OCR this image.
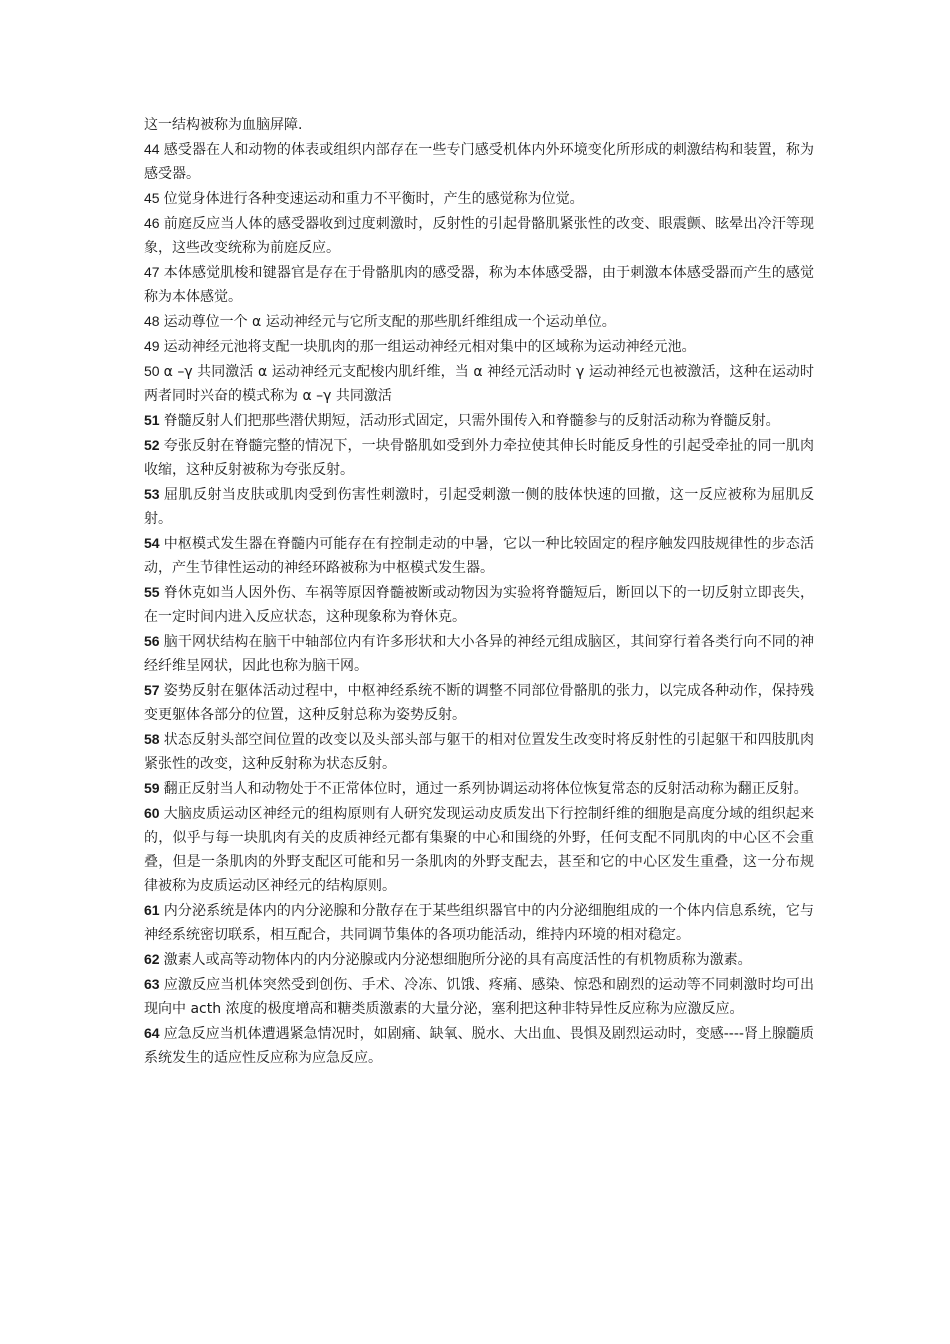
这一结构被称为血脑屏障.

44 感受器在人和动物的体表或组织内部存在一些专门感受机体内外环境变化所形成的刺激结构和装置，称为感受器。

45 位觉身体进行各种变速运动和重力不平衡时，产生的感觉称为位觉。

46 前庭反应当人体的感受器收到过度刺激时，反射性的引起骨骼肌紧张性的改变、眼震颤、眩晕出冷汗等现象，这些改变统称为前庭反应。

47 本体感觉肌梭和键器官是存在于骨骼肌肉的感受器，称为本体感受器，由于刺激本体感受器而产生的感觉称为本体感觉。

48 运动尊位一个 α 运动神经元与它所支配的那些肌纤维组成一个运动单位。

49 运动神经元池将支配一块肌肉的那一组运动神经元相对集中的区域称为运动神经元池。

50 α –γ 共同激活 α 运动神经元支配梭内肌纤维，当 α 神经元活动时 γ 运动神经元也被激活，这种在运动时两者同时兴奋的模式称为 α –γ 共同激活

51 脊髓反射人们把那些潜伏期短，活动形式固定，只需外围传入和脊髓参与的反射活动称为脊髓反射。

52 夸张反射在脊髓完整的情况下，一块骨骼肌如受到外力牵拉使其伸长时能反身性的引起受牵扯的同一肌肉收缩，这种反射被称为夸张反射。

53 屈肌反射当皮肤或肌肉受到伤害性刺激时，引起受刺激一侧的肢体快速的回撤，这一反应被称为屈肌反射。

54 中枢模式发生器在脊髓内可能存在有控制走动的中暑，它以一种比较固定的程序触发四肢规律性的步态活动，产生节律性运动的神经环路被称为中枢模式发生器。

55 脊休克如当人因外伤、车祸等原因脊髓被断或动物因为实验将脊髓短后，断回以下的一切反射立即丧失，在一定时间内进入反应状态，这种现象称为脊休克。

56 脑干网状结构在脑干中轴部位内有许多形状和大小各异的神经元组成脑区，其间穿行着各类行向不同的神经纤维呈网状，因此也称为脑干网。

57 姿势反射在躯体活动过程中，中枢神经系统不断的调整不同部位骨骼肌的张力，以完成各种动作，保持残变更躯体各部分的位置，这种反射总称为姿势反射。

58 状态反射头部空间位置的改变以及头部头部与躯干的相对位置发生改变时将反射性的引起躯干和四肢肌肉紧张性的改变，这种反射称为状态反射。

59 翻正反射当人和动物处于不正常体位时，通过一系列协调运动将体位恢复常态的反射活动称为翻正反射。

60 大脑皮质运动区神经元的组构原则有人研究发现运动皮质发出下行控制纤维的细胞是高度分域的组织起来的，似乎与每一块肌肉有关的皮质神经元都有集聚的中心和围绕的外野，任何支配不同肌肉的中心区不会重叠，但是一条肌肉的外野支配区可能和另一条肌肉的外野支配去，甚至和它的中心区发生重叠，这一分布规律被称为皮质运动区神经元的结构原则。

61 内分泌系统是体内的内分泌腺和分散存在于某些组织器官中的内分泌细胞组成的一个体内信息系统，它与神经系统密切联系，相互配合，共同调节集体的各项功能活动，维持内环境的相对稳定。

62 激素人或高等动物体内的内分泌腺或内分泌想细胞所分泌的具有高度活性的有机物质称为激素。

63 应激反应当机体突然受到创伤、手术、冷冻、饥饿、疼痛、感染、惊恐和剧烈的运动等不同刺激时均可出现向中 acth 浓度的极度增高和糖类质激素的大量分泌，塞利把这种非特异性反应称为应激反应。

64 应急反应当机体遭遇紧急情况时，如剧痛、缺氧、脱水、大出血、畏惧及剧烈运动时，变感----肾上腺髓质系统发生的适应性反应称为应急反应。
